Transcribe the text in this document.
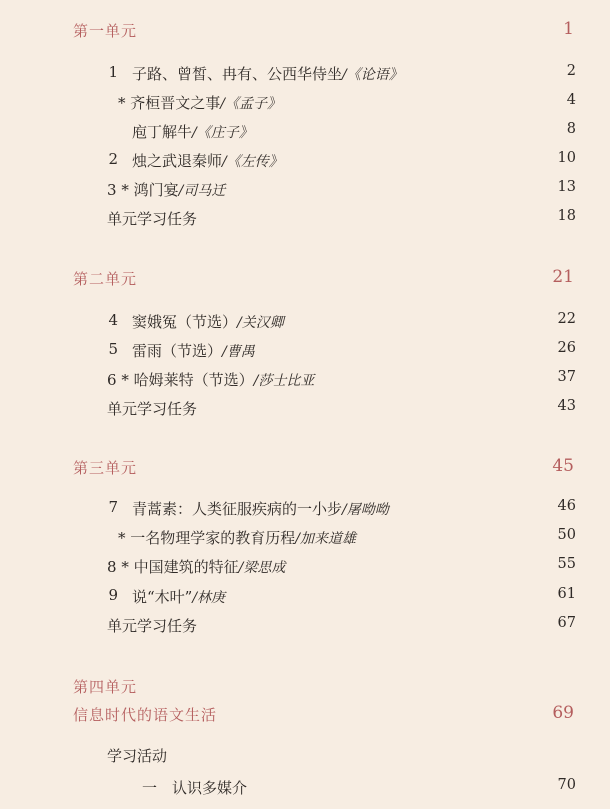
第一单元	1
1 子路、曾皙、冉有、公西华侍坐/《论语》	2
* 齐桓晋文之事/《孟子》	4
庖丁解牛/《庄子》	8
2 烛之武退秦师/《左传》	10
3 * 鸿门宴/司马迁	13
单元学习任务	18
第二单元	21
4 窦娥冤（节选）/关汉卿	22
5 雷雨（节选）/曹禺	26
6 * 哈姆莱特（节选）/莎士比亚	37
单元学习任务	43
第三单元	45
7 青蒿素：人类征服疾病的一小步/屠呦呦	46
* 一名物理学家的教育历程/加来道雄	50
8 * 中国建筑的特征/梁思成	55
9 说“木叶”/林庚	61
单元学习任务	67
第四单元
信息时代的语文生活	69
学习活动
一 认识多媒介	70
